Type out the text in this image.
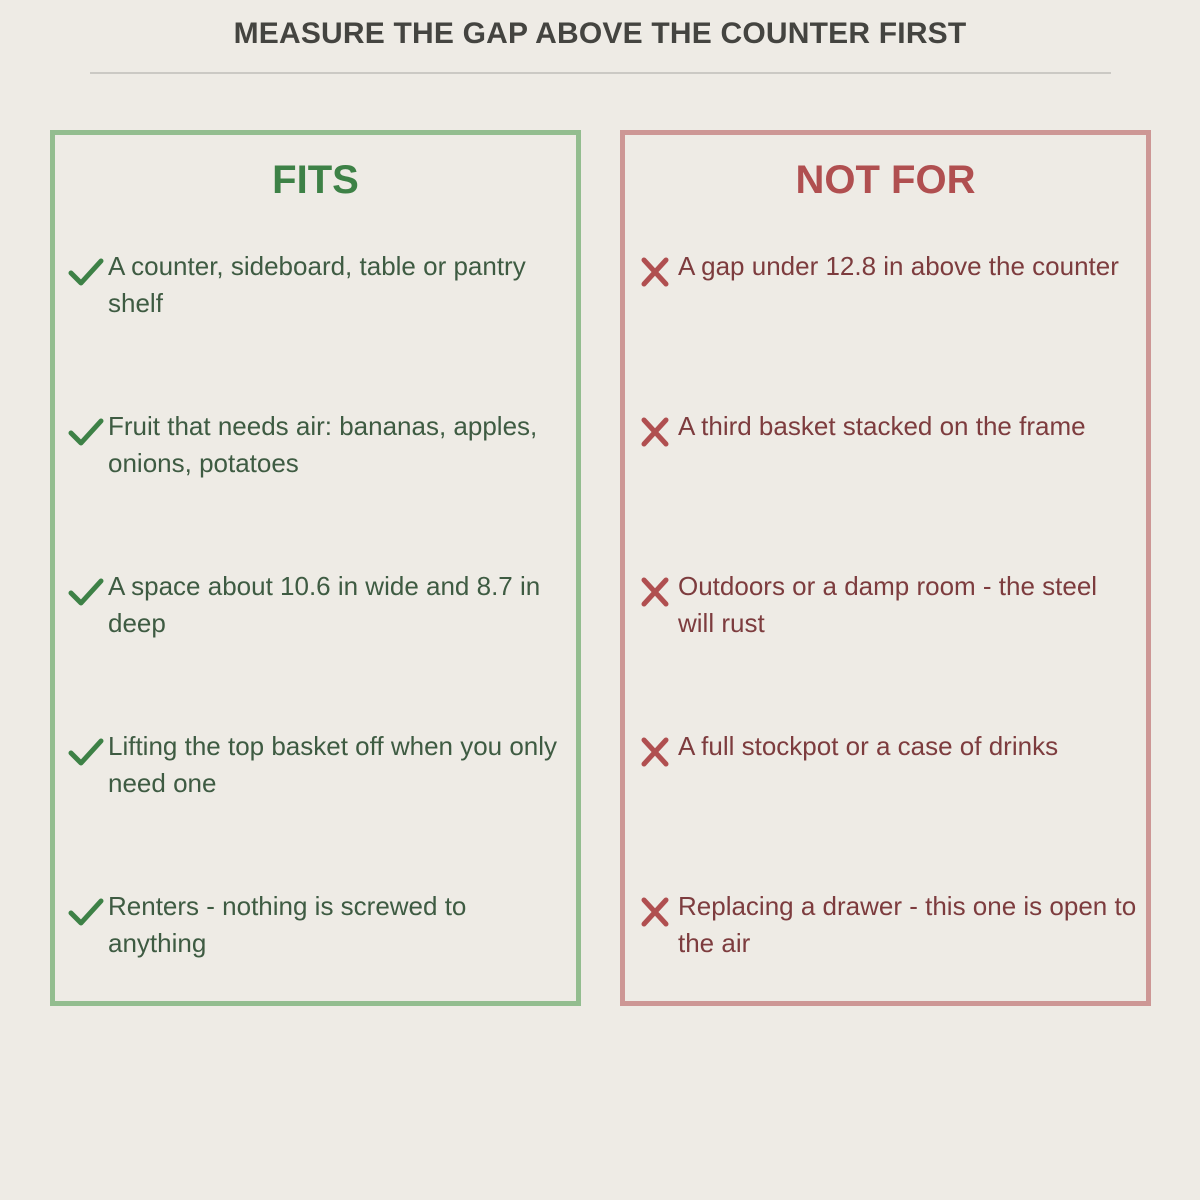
MEASURE THE GAP ABOVE THE COUNTER FIRST
FITS
A counter, sideboard, table or pantry shelf
Fruit that needs air: bananas, apples, onions, potatoes
A space about 10.6 in wide and 8.7 in deep
Lifting the top basket off when you only need one
Renters - nothing is screwed to anything
NOT FOR
A gap under 12.8 in above the counter
A third basket stacked on the frame
Outdoors or a damp room - the steel will rust
A full stockpot or a case of drinks
Replacing a drawer - this one is open to the air
